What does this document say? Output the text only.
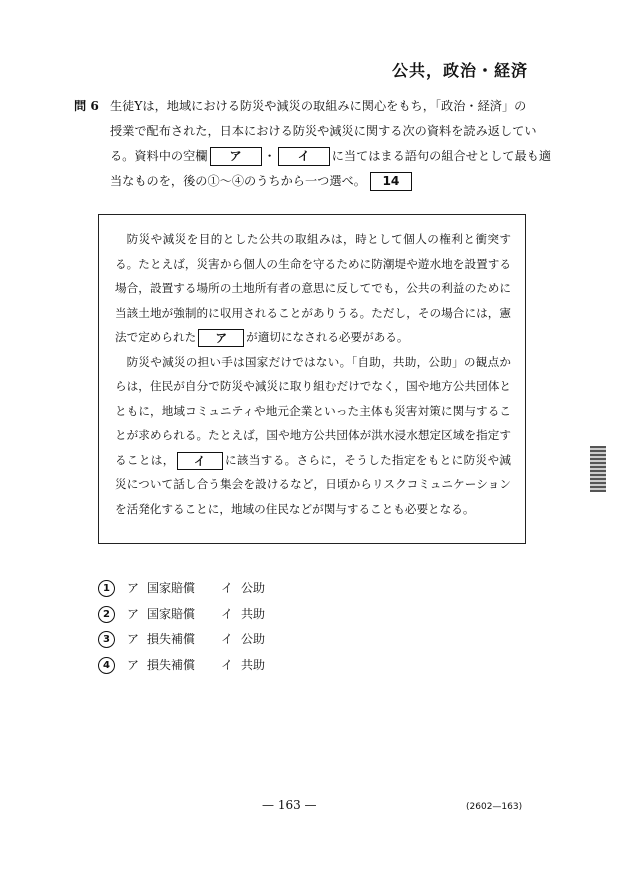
公共，政治・経済
問 6 生徒Yは，地域における防災や減災の取組みに関心をもち，「政治・経済」の
授業で配布された，日本における防災や減災に関する次の資料を読み返してい
る。資料中の空欄 ア ・ イ に当てはまる語句の組合せとして最も適
当なものを，後の①～④のうちから一つ選べ。 14

防災や減災を目的とした公共の取組みは，時として個人の権利と衝突する。たとえば，災害から個人の生命を守るために防潮堤や遊水地を設置する場合，設置する場所の土地所有者の意思に反してでも，公共の利益のために当該土地が強制的に収用されることがありうる。ただし，その場合には，憲法で定められた ア が適切になされる必要がある。

防災や減災の担い手は国家だけではない。「自助，共助，公助」の観点からは，住民が自分で防災や減災に取り組むだけでなく，国や地方公共団体とともに，地域コミュニティや地元企業といった主体も災害対策に関与することが求められる。たとえば，国や地方公共団体が洪水浸水想定区域を指定することは， イ に該当する。さらに，そうした指定をもとに防災や減災について話し合う集会を設けるなど，日頃からリスクコミュニケーションを活発化することに，地域の住民などが関与することも必要となる。

1 ア 国家賠償 イ 公助
2 ア 国家賠償 イ 共助
3 ア 損失補償 イ 公助
4 ア 損失補償 イ 共助
— 163 —	(2602—163)
